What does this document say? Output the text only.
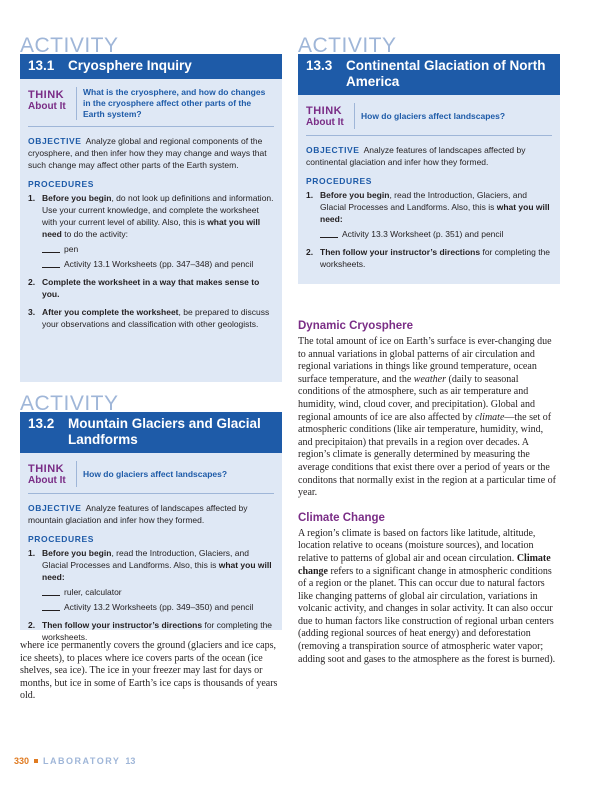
ACTIVITY
13.1 Cryosphere Inquiry
THINK
About It
What is the cryosphere, and how do changes in the cryosphere affect other parts of the Earth system?
OBJECTIVE Analyze global and regional components of the cryosphere, and then infer how they may change and ways that such change may affect other parts of the Earth system.
PROCEDURES
1. Before you begin, do not look up definitions and information. Use your current knowledge, and complete the worksheet with your current level of ability. Also, this is what you will need to do the activity:
pen
Activity 13.1 Worksheets (pp. 347–348) and pencil
2. Complete the worksheet in a way that makes sense to you.
3. After you complete the worksheet, be prepared to discuss your observations and classification with other geologists.
ACTIVITY
13.2 Mountain Glaciers and Glacial Landforms
THINK
About It
How do glaciers affect landscapes?
OBJECTIVE Analyze features of landscapes affected by mountain glaciation and infer how they formed.
PROCEDURES
1. Before you begin, read the Introduction, Glaciers, and Glacial Processes and Landforms. Also, this is what you will need:
ruler, calculator
Activity 13.2 Worksheets (pp. 349–350) and pencil
2. Then follow your instructor’s directions for completing the worksheets.

where ice permanently covers the ground (glaciers and ice caps, ice sheets), to places where ice covers parts of the ocean (ice shelves, sea ice). The ice in your freezer may last for days or months, but ice in some of Earth’s ice caps is thousands of years old.

ACTIVITY
13.3 Continental Glaciation of North America
THINK
About It
How do glaciers affect landscapes?
OBJECTIVE Analyze features of landscapes affected by continental glaciation and infer how they formed.
PROCEDURES
1. Before you begin, read the Introduction, Glaciers, and Glacial Processes and Landforms. Also, this is what you will need:
Activity 13.3 Worksheet (p. 351) and pencil
2. Then follow your instructor’s directions for completing the worksheets.
Dynamic Cryosphere

The total amount of ice on Earth’s surface is ever-changing due to annual variations in global patterns of air circulation and regional variations in things like ground temperature, ocean surface temperature, and the weather (daily to seasonal conditions of the atmosphere, such as air temperature and humidity, wind, cloud cover, and precipitation). Global and regional amounts of ice are also affected by climate—the set of atmospheric conditions (like air temperature, humidity, wind, and precipitaion) that prevails in a region over decades. A region’s climate is generally determined by measuring the average conditions that exist there over a period of years or the conditons that normally exist in the region at a particular time of year.

Climate Change

A region’s climate is based on factors like latitude, altitude, location relative to oceans (moisture sources), and location relative to patterns of global air and ocean circulation. Climate change refers to a significant change in atmospheric conditions of a region or the planet. This can occur due to natural factors like changing patterns of global air circulation, variations in volcanic activity, and changes in solar activity. It can also occur due to human factors like construction of regional urban centers (adding regional sources of heat energy) and deforestation (removing a transpiration source of atmospheric water vapor; adding soot and gases to the atmosphere as the forest is burned).

330 LABORATORY 13
